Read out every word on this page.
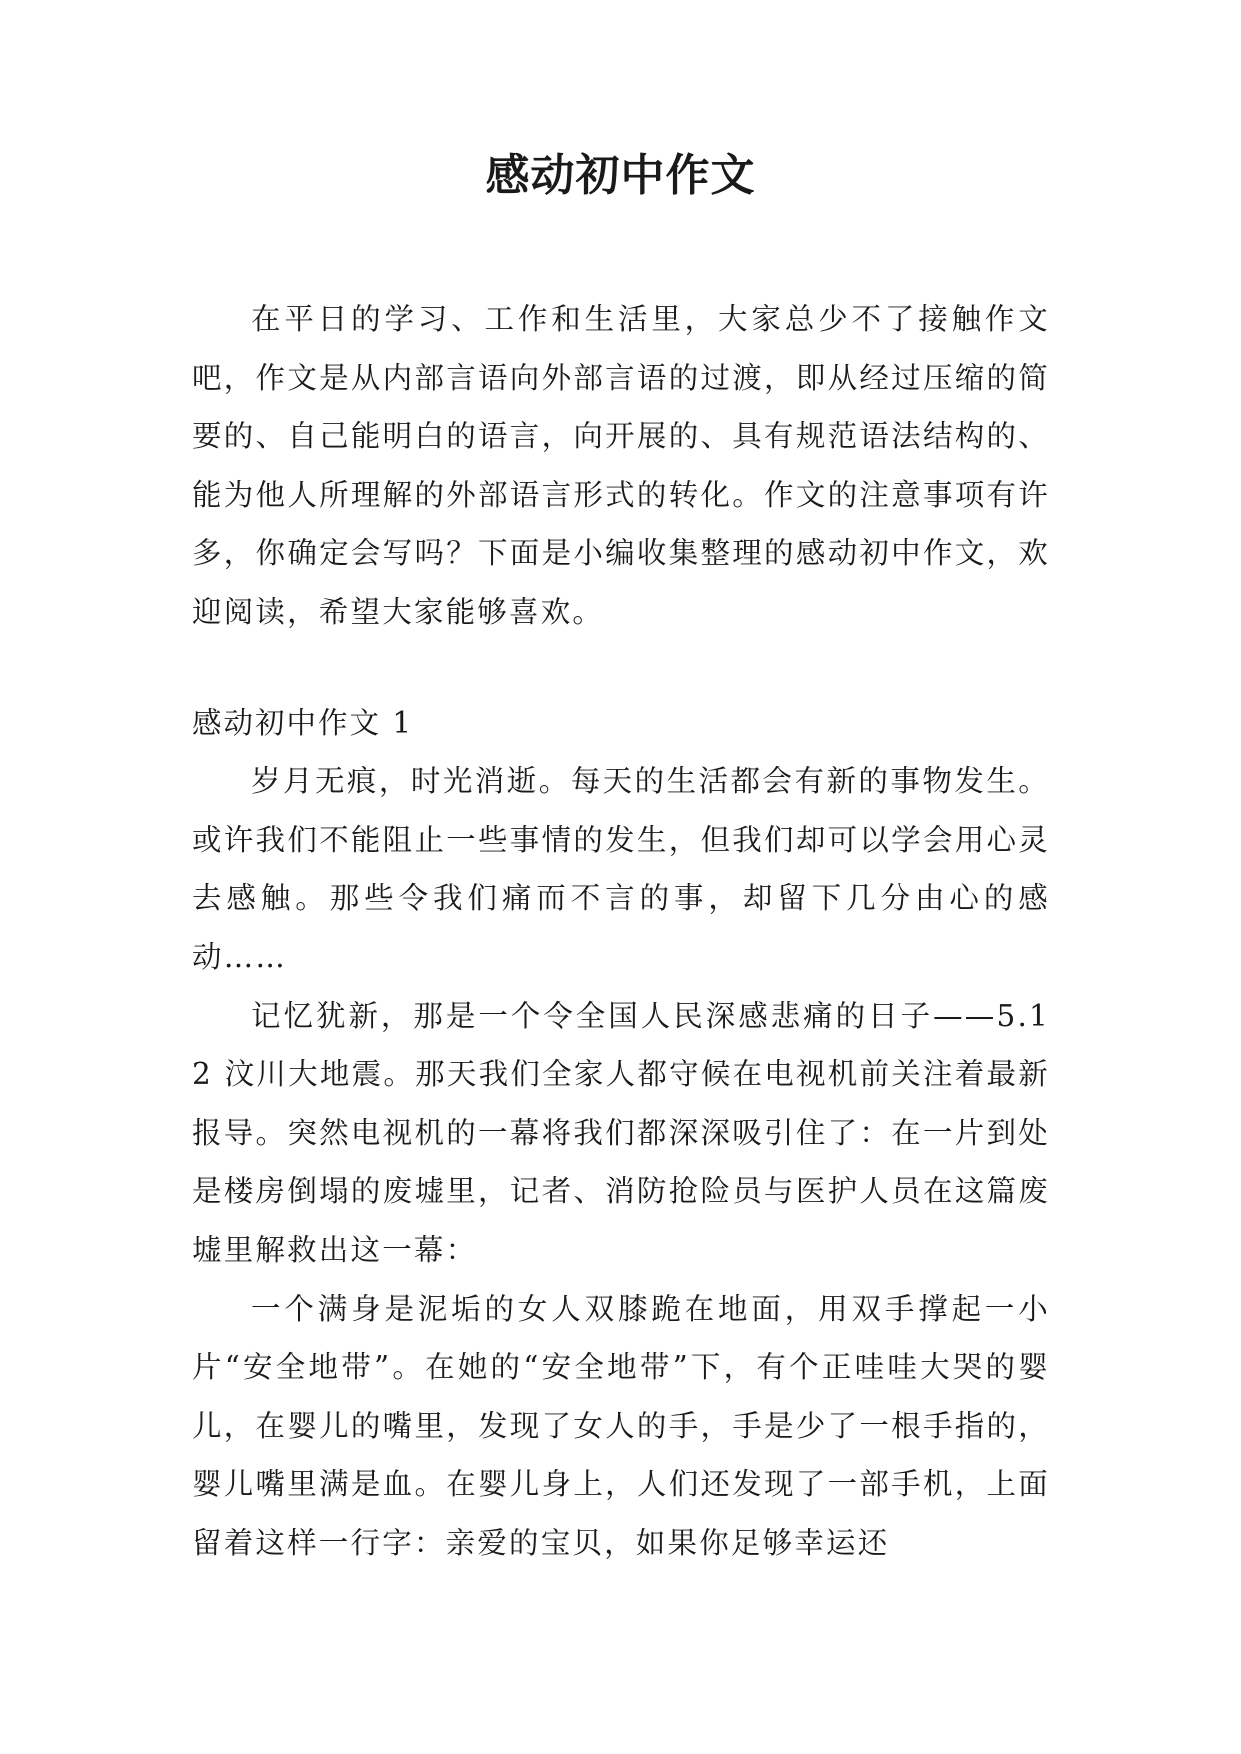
感动初中作文

在平日的学习、工作和生活里，大家总少不了接触作文吧，作文是从内部言语向外部言语的过渡，即从经过压缩的简要的、自己能明白的语言，向开展的、具有规范语法结构的、能为他人所理解的外部语言形式的转化。作文的注意事项有许多，你确定会写吗？下面是小编收集整理的感动初中作文，欢迎阅读，希望大家能够喜欢。

感动初中作文 1

岁月无痕，时光消逝。每天的生活都会有新的事物发生。或许我们不能阻止一些事情的发生，但我们却可以学会用心灵去感触。那些令我们痛而不言的事，却留下几分由心的感动……

记忆犹新，那是一个令全国人民深感悲痛的日子——5.12 汶川大地震。那天我们全家人都守候在电视机前关注着最新报导。突然电视机的一幕将我们都深深吸引住了：在一片到处是楼房倒塌的废墟里，记者、消防抢险员与医护人员在这篇废墟里解救出这一幕：

一个满身是泥垢的女人双膝跪在地面，用双手撑起一小片“安全地带”。在她的“安全地带”下，有个正哇哇大哭的婴儿，在婴儿的嘴里，发现了女人的手，手是少了一根手指的，婴儿嘴里满是血。在婴儿身上，人们还发现了一部手机，上面留着这样一行字：亲爱的宝贝，如果你足够幸运还
